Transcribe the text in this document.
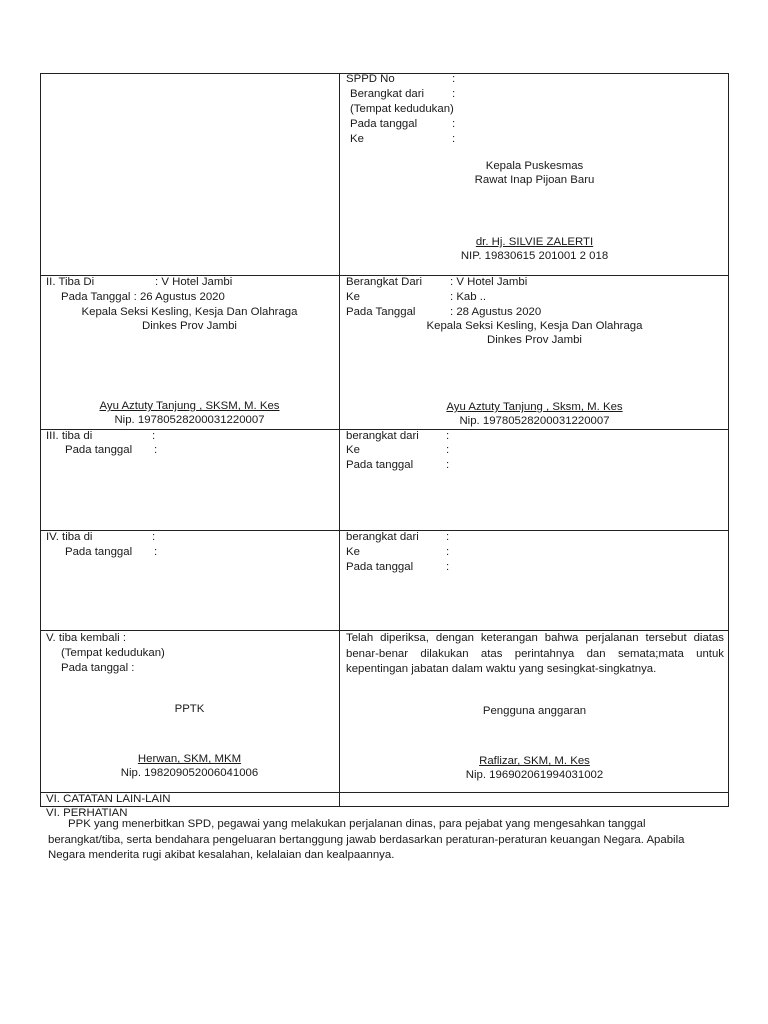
SPPD No	:
Berangkat dari :
(Tempat kedudukan)
Pada tanggal	:
Ke	:
Kepala Puskesmas
Rawat Inap Pijoan Baru
dr. Hj. SILVIE ZALERTI
NIP. 19830615 201001 2 018
II. Tiba Di	: V Hotel Jambi
Pada Tanggal : 26 Agustus 2020
Kepala Seksi Kesling, Kesja Dan Olahraga
Dinkes Prov Jambi
Ayu Aztuty Tanjung , SKSM, M. Kes
Nip. 19780528200031220007
Berangkat Dari : V Hotel Jambi
Ke	: Kab ..
Pada Tanggal	: 28 Agustus 2020
Kepala Seksi Kesling, Kesja Dan Olahraga
Dinkes Prov Jambi
Ayu Aztuty Tanjung , Sksm, M. Kes
Nip. 19780528200031220007
III. tiba di	:
Pada tanggal :
berangkat dari :
Ke	:
Pada tanggal	:
IV. tiba di	:
Pada tanggal :
berangkat dari :
Ke	:
Pada tanggal	:
V. tiba kembali :
(Tempat kedudukan)
Pada tanggal :
PPTK
Herwan, SKM, MKM
Nip. 198209052006041006
Telah diperiksa, dengan keterangan bahwa perjalanan tersebut diatas benar-benar dilakukan atas perintahnya dan semata;mata untuk kepentingan jabatan dalam waktu yang sesingkat-singkatnya.
Pengguna anggaran
Raflizar, SKM, M. Kes
Nip. 196902061994031002
VI. CATATAN LAIN-LAIN
VI. PERHATIAN
PPK yang menerbitkan SPD, pegawai yang melakukan perjalanan dinas, para pejabat yang mengesahkan tanggal berangkat/tiba, serta bendahara pengeluaran bertanggung jawab berdasarkan peraturan-peraturan keuangan Negara. Apabila Negara menderita rugi akibat kesalahan, kelalaian dan kealpaannya.
